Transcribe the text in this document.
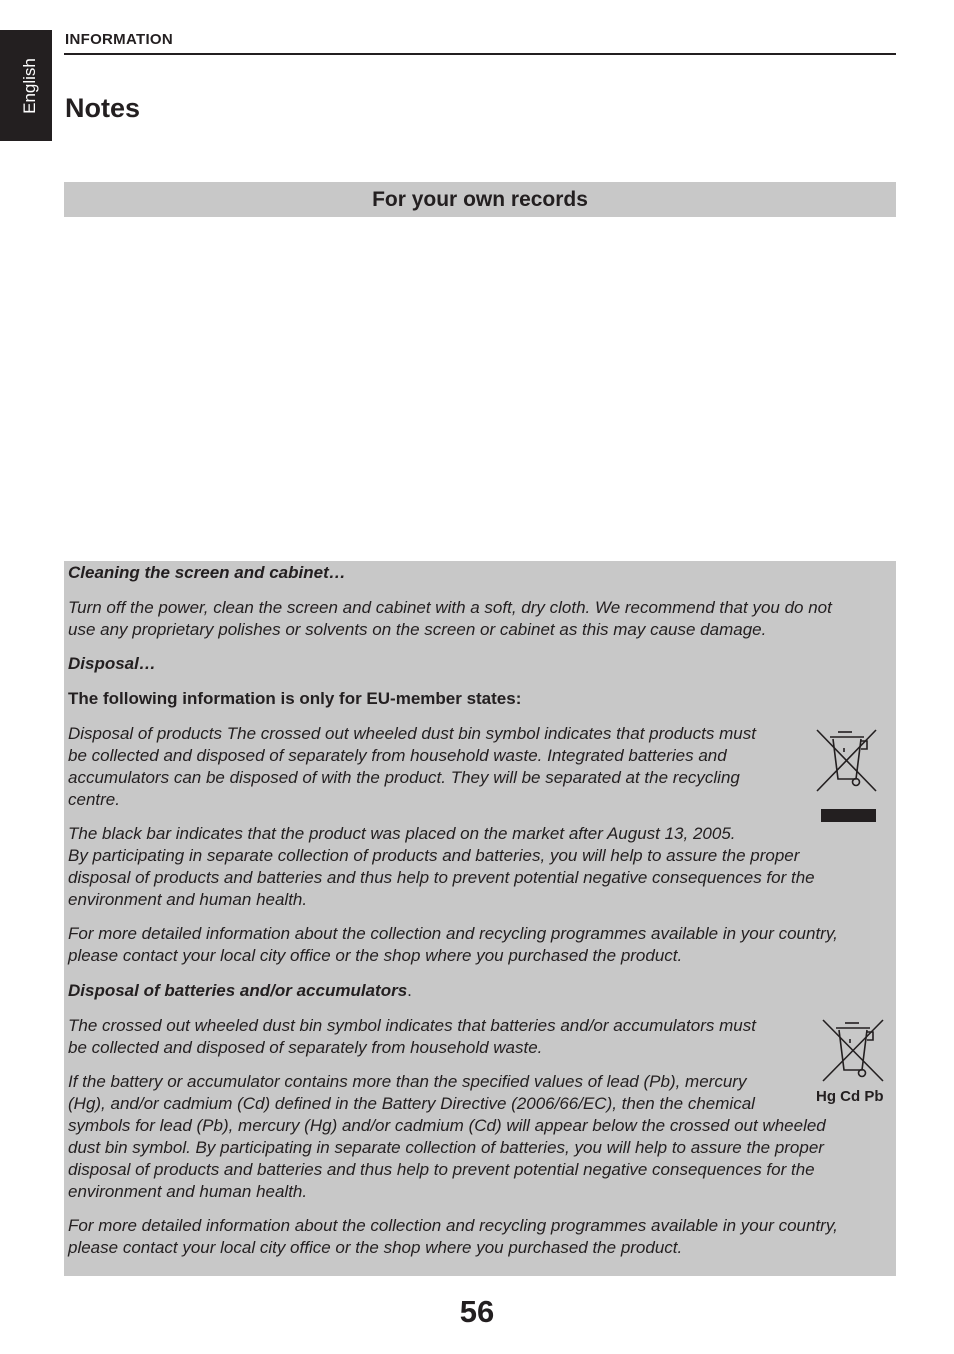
English
INFORMATION
Notes
For your own records

Cleaning the screen and cabinet…

Turn off the power, clean the screen and cabinet with a soft, dry cloth. We recommend that you do not

use any proprietary polishes or solvents on the screen or cabinet as this may cause damage.

Disposal…

The following information is only for EU-member states:

Disposal of products The crossed out wheeled dust bin symbol indicates that products must

be collected and disposed of separately from household waste. Integrated batteries and

accumulators can be disposed of with the product. They will be separated at the recycling

centre.

The black bar indicates that the product was placed on the market after August 13, 2005.

By participating in separate collection of products and batteries, you will help to assure the proper

disposal of products and batteries and thus help to prevent potential negative consequences for the

environment and human health.

For more detailed information about the collection and recycling programmes available in your country,

please contact your local city office or the shop where you purchased the product.

Disposal of batteries and/or accumulators.

The crossed out wheeled dust bin symbol indicates that batteries and/or accumulators must

be collected and disposed of separately from household waste.

If the battery or accumulator contains more than the specified values of lead (Pb), mercury

(Hg), and/or cadmium (Cd) defined in the Battery Directive (2006/66/EC), then the chemical

symbols for lead (Pb), mercury (Hg) and/or cadmium (Cd) will appear below the crossed out wheeled

dust bin symbol. By participating in separate collection of batteries, you will help to assure the proper

disposal of products and batteries and thus help to prevent potential negative consequences for the

environment and human health.

For more detailed information about the collection and recycling programmes available in your country,

please contact your local city office or the shop where you purchased the product.

Hg Cd Pb
56
